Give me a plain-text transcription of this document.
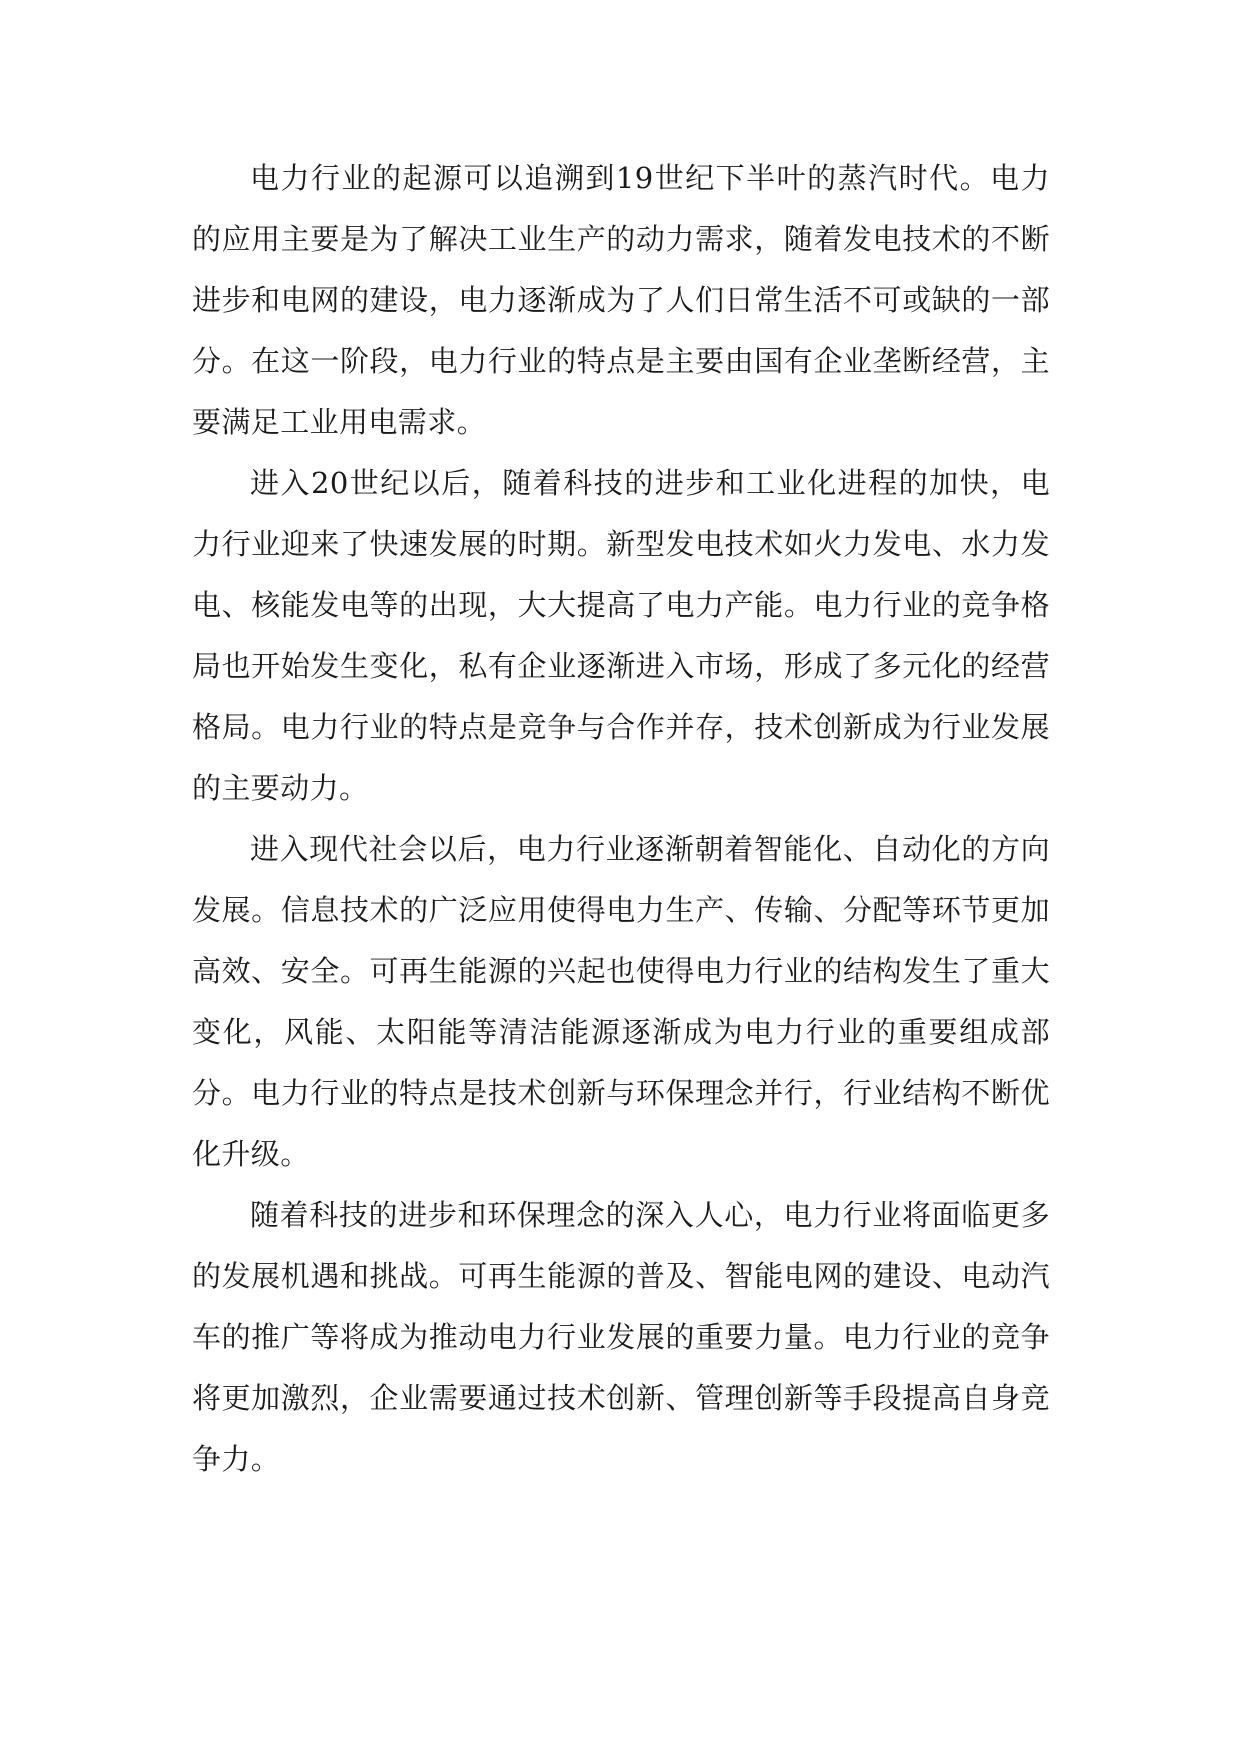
电力行业的起源可以追溯到19世纪下半叶的蒸汽时代。电力的应用主要是为了解决工业生产的动力需求，随着发电技术的不断进步和电网的建设，电力逐渐成为了人们日常生活不可或缺的一部分。在这一阶段，电力行业的特点是主要由国有企业垄断经营，主要满足工业用电需求。

进入20世纪以后，随着科技的进步和工业化进程的加快，电力行业迎来了快速发展的时期。新型发电技术如火力发电、水力发电、核能发电等的出现，大大提高了电力产能。电力行业的竞争格局也开始发生变化，私有企业逐渐进入市场，形成了多元化的经营格局。电力行业的特点是竞争与合作并存，技术创新成为行业发展的主要动力。

进入现代社会以后，电力行业逐渐朝着智能化、自动化的方向发展。信息技术的广泛应用使得电力生产、传输、分配等环节更加高效、安全。可再生能源的兴起也使得电力行业的结构发生了重大变化，风能、太阳能等清洁能源逐渐成为电力行业的重要组成部分。电力行业的特点是技术创新与环保理念并行，行业结构不断优化升级。

随着科技的进步和环保理念的深入人心，电力行业将面临更多的发展机遇和挑战。可再生能源的普及、智能电网的建设、电动汽车的推广等将成为推动电力行业发展的重要力量。电力行业的竞争将更加激烈，企业需要通过技术创新、管理创新等手段提高自身竞争力。
